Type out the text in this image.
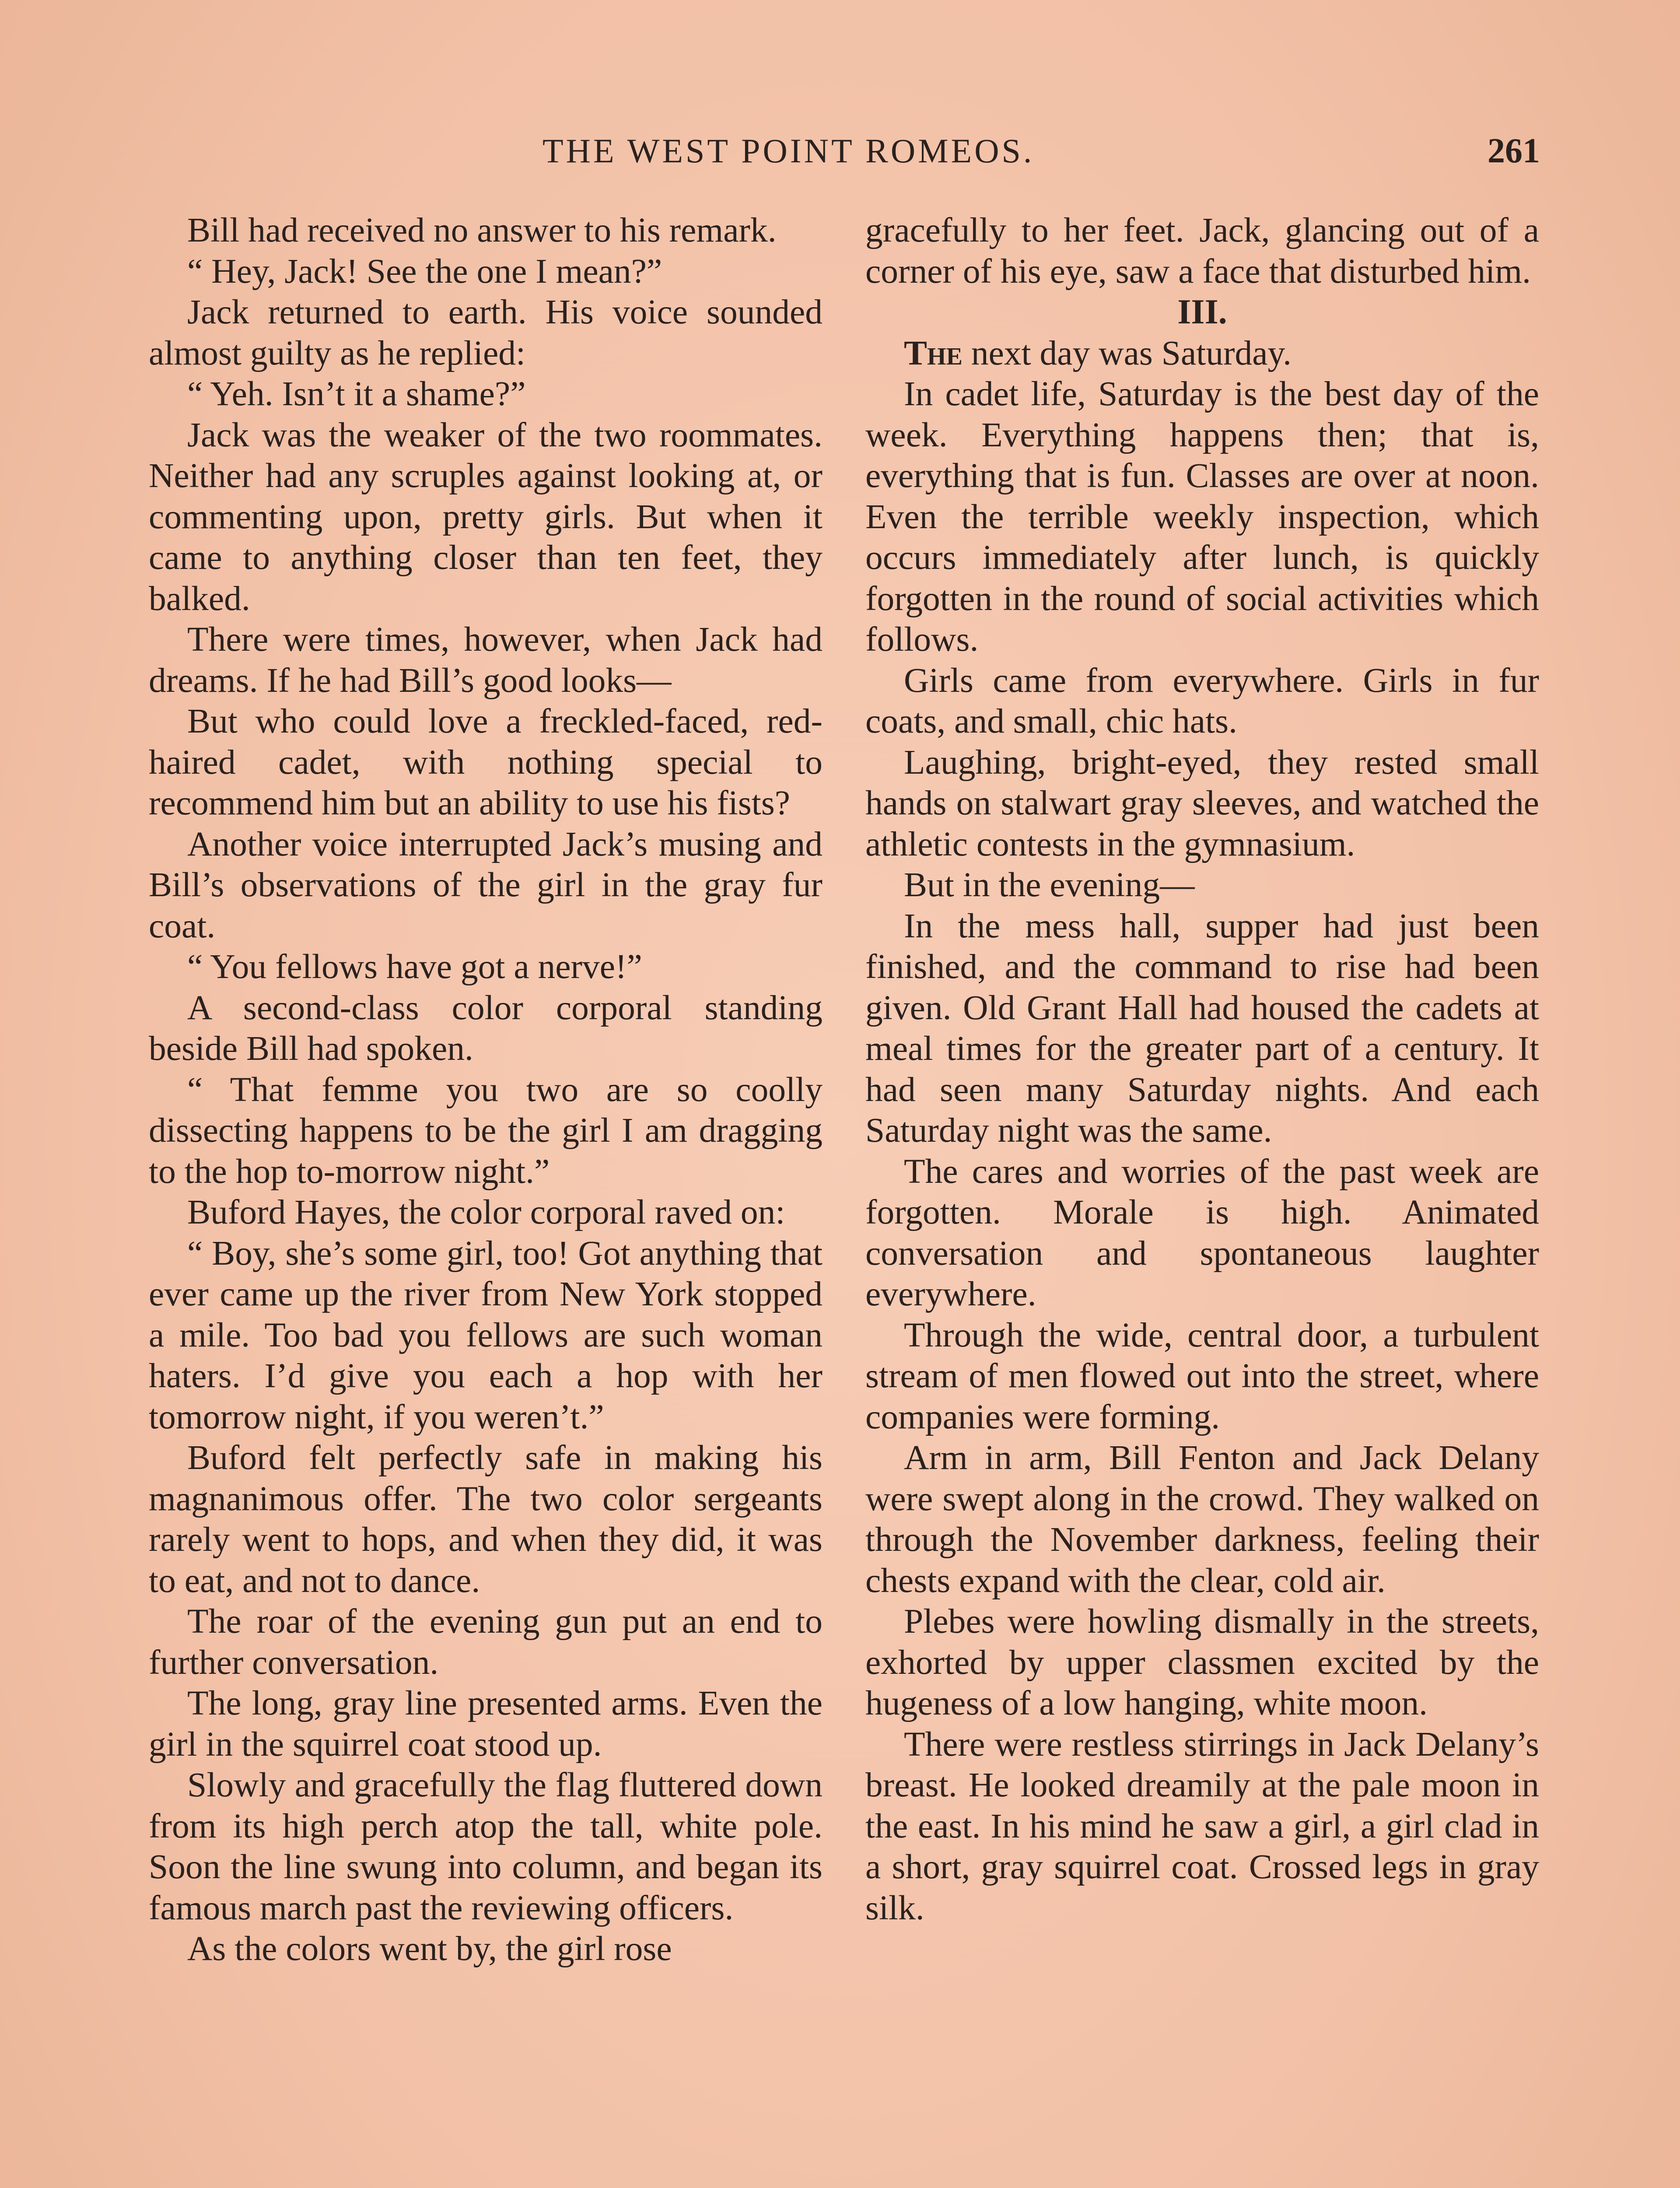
THE WEST POINT ROMEOS.	261

Bill had received no answer to his remark.

“ Hey, Jack! See the one I mean?”

Jack returned to earth. His voice sounded almost guilty as he replied:

“ Yeh. Isn’t it a shame?”

Jack was the weaker of the two roommates. Neither had any scruples against looking at, or commenting upon, pretty girls. But when it came to anything closer than ten feet, they balked.

There were times, however, when Jack had dreams. If he had Bill’s good looks—

But who could love a freckled-faced, red-haired cadet, with nothing special to recommend him but an ability to use his fists?

Another voice interrupted Jack’s musing and Bill’s observations of the girl in the gray fur coat.

“ You fellows have got a nerve!”

A second-class color corporal standing beside Bill had spoken.

“ That femme you two are so coolly dissecting happens to be the girl I am dragging to the hop to-morrow night.”

Buford Hayes, the color corporal raved on:

“ Boy, she’s some girl, too! Got anything that ever came up the river from New York stopped a mile. Too bad you fellows are such woman haters. I’d give you each a hop with her tomorrow night, if you weren’t.”

Buford felt perfectly safe in making his magnanimous offer. The two color sergeants rarely went to hops, and when they did, it was to eat, and not to dance.

The roar of the evening gun put an end to further conversation.

The long, gray line presented arms. Even the girl in the squirrel coat stood up.

Slowly and gracefully the flag fluttered down from its high perch atop the tall, white pole. Soon the line swung into column, and began its famous march past the reviewing officers.

As the colors went by, the girl rose

gracefully to her feet. Jack, glancing out of a corner of his eye, saw a face that disturbed him.

III.

The next day was Saturday.

In cadet life, Saturday is the best day of the week. Everything happens then; that is, everything that is fun. Classes are over at noon. Even the terrible weekly inspection, which occurs immediately after lunch, is quickly forgotten in the round of social activities which follows.

Girls came from everywhere. Girls in fur coats, and small, chic hats.

Laughing, bright-eyed, they rested small hands on stalwart gray sleeves, and watched the athletic contests in the gymnasium.

But in the evening—

In the mess hall, supper had just been finished, and the command to rise had been given. Old Grant Hall had housed the cadets at meal times for the greater part of a century. It had seen many Saturday nights. And each Saturday night was the same.

The cares and worries of the past week are forgotten. Morale is high. Animated conversation and spontaneous laughter everywhere.

Through the wide, central door, a turbulent stream of men flowed out into the street, where companies were forming.

Arm in arm, Bill Fenton and Jack Delany were swept along in the crowd. They walked on through the November darkness, feeling their chests expand with the clear, cold air.

Plebes were howling dismally in the streets, exhorted by upper classmen excited by the hugeness of a low hanging, white moon.

There were restless stirrings in Jack Delany’s breast. He looked dreamily at the pale moon in the east. In his mind he saw a girl, a girl clad in a short, gray squirrel coat. Crossed legs in gray silk.
